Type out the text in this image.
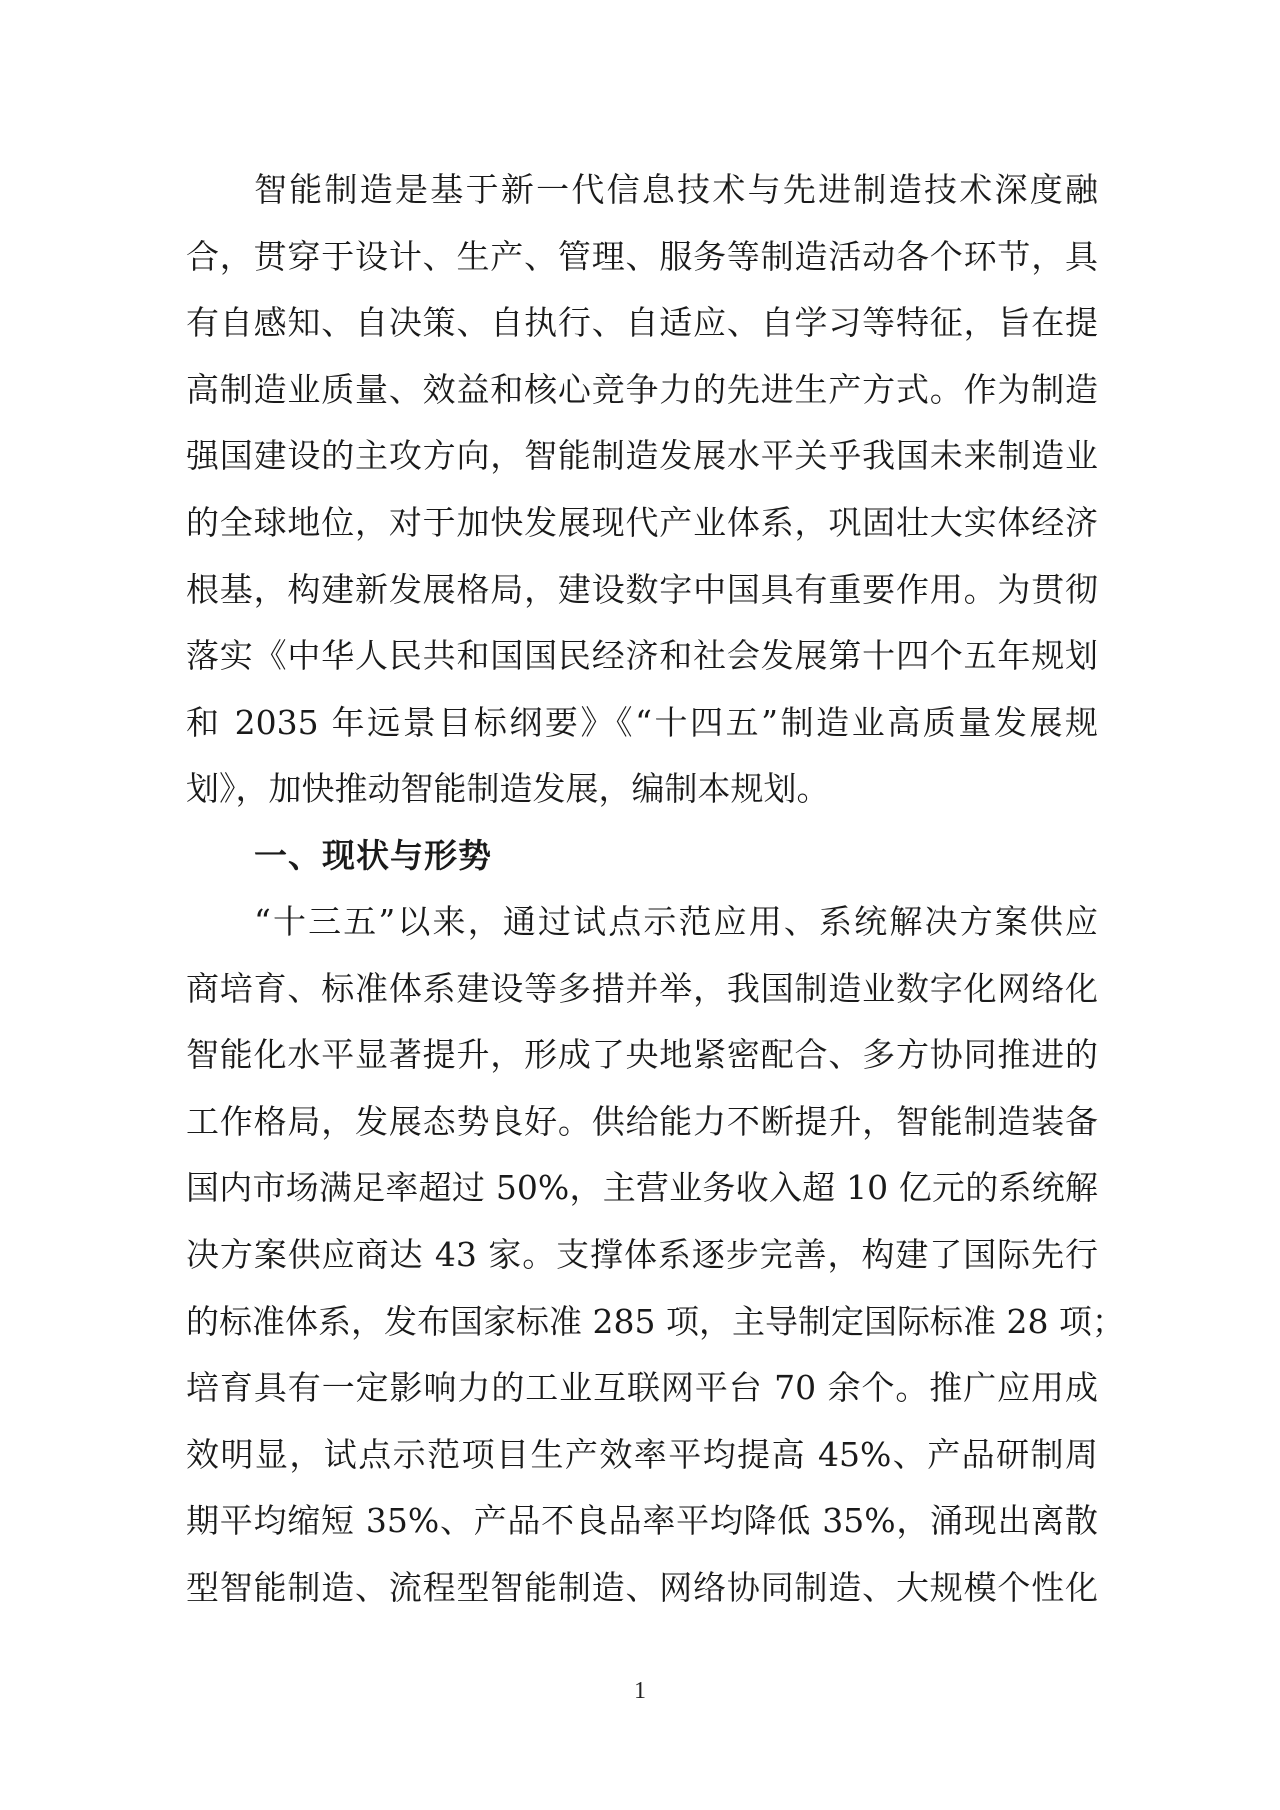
智能制造是基于新一代信息技术与先进制造技术深度融
合，贯穿于设计、生产、管理、服务等制造活动各个环节，具
有自感知、自决策、自执行、自适应、自学习等特征，旨在提
高制造业质量、效益和核心竞争力的先进生产方式。作为制造
强国建设的主攻方向，智能制造发展水平关乎我国未来制造业
的全球地位，对于加快发展现代产业体系，巩固壮大实体经济
根基，构建新发展格局，建设数字中国具有重要作用。为贯彻
落实《中华人民共和国国民经济和社会发展第十四个五年规划
和 2035 年远景目标纲要》《“十四五”制造业高质量发展规
划》，加快推动智能制造发展，编制本规划。
一、现状与形势
“十三五”以来，通过试点示范应用、系统解决方案供应
商培育、标准体系建设等多措并举，我国制造业数字化网络化
智能化水平显著提升，形成了央地紧密配合、多方协同推进的
工作格局，发展态势良好。供给能力不断提升，智能制造装备
国内市场满足率超过 50%，主营业务收入超 10 亿元的系统解
决方案供应商达 43 家。支撑体系逐步完善，构建了国际先行
的标准体系，发布国家标准 285 项，主导制定国际标准 28 项；
培育具有一定影响力的工业互联网平台 70 余个。推广应用成
效明显，试点示范项目生产效率平均提高 45%、产品研制周
期平均缩短 35%、产品不良品率平均降低 35%，涌现出离散
型智能制造、流程型智能制造、网络协同制造、大规模个性化
1
